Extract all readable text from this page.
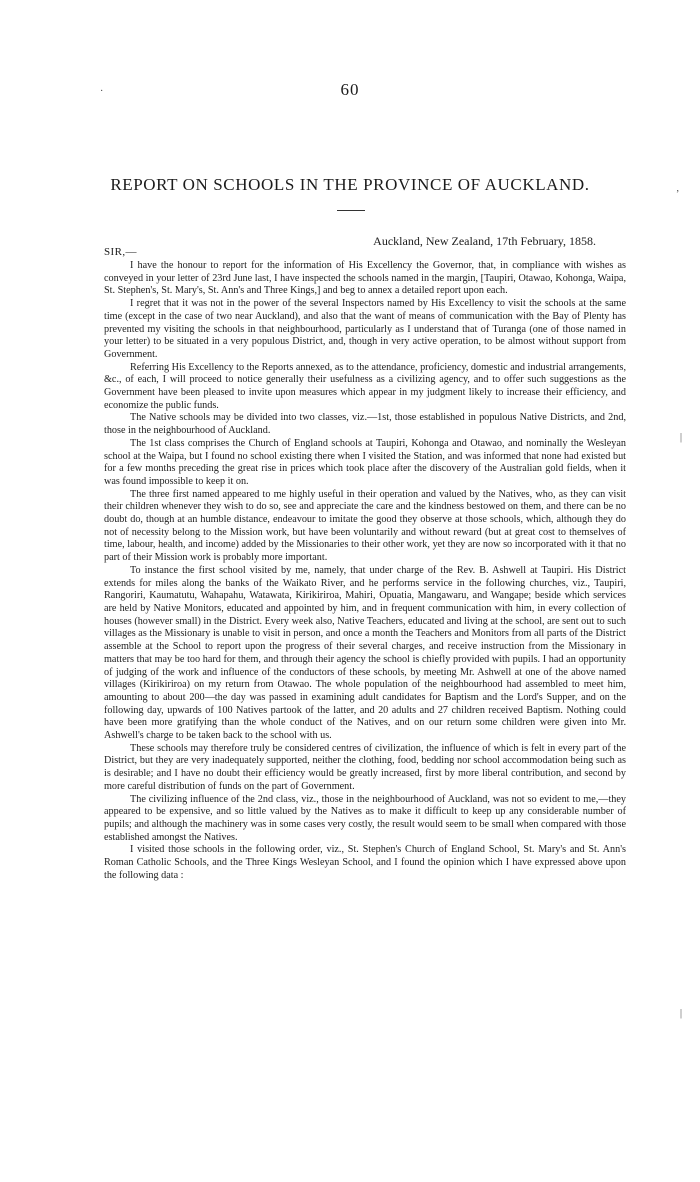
60
REPORT ON SCHOOLS IN THE PROVINCE OF AUCKLAND.
Auckland, New Zealand, 17th February, 1858.
SIR,—

I have the honour to report for the information of His Excellency the Governor, that, in compliance with wishes as conveyed in your letter of 23rd June last, I have inspected the schools named in the margin, [Taupiri, Otawao, Kohonga, Waipa, St. Stephen's, St. Mary's, St. Ann's and Three Kings,] and beg to annex a detailed report upon each.

I regret that it was not in the power of the several Inspectors named by His Excellency to visit the schools at the same time (except in the case of two near Auckland), and also that the want of means of communication with the Bay of Plenty has prevented my visiting the schools in that neighbourhood, particularly as I understand that of Turanga (one of those named in your letter) to be situated in a very populous District, and, though in very active operation, to be almost without support from Government.

Referring His Excellency to the Reports annexed, as to the attendance, proficiency, domestic and industrial arrangements, &c., of each, I will proceed to notice generally their usefulness as a civilizing agency, and to offer such suggestions as the Government have been pleased to invite upon measures which appear in my judgment likely to increase their efficiency, and economize the public funds.

The Native schools may be divided into two classes, viz.—1st, those established in populous Native Districts, and 2nd, those in the neighbourhood of Auckland.

The 1st class comprises the Church of England schools at Taupiri, Kohonga and Otawao, and nominally the Wesleyan school at the Waipa, but I found no school existing there when I visited the Station, and was informed that none had existed but for a few months preceding the great rise in prices which took place after the discovery of the Australian gold fields, when it was found impossible to keep it on.

The three first named appeared to me highly useful in their operation and valued by the Natives, who, as they can visit their children whenever they wish to do so, see and appreciate the care and the kindness bestowed on them, and there can be no doubt do, though at an humble distance, endeavour to imitate the good they observe at those schools, which, although they do not of necessity belong to the Mission work, but have been voluntarily and without reward (but at great cost to themselves of time, labour, health, and income) added by the Missionaries to their other work, yet they are now so incorporated with it that no part of their Mission work is probably more important.

To instance the first school visited by me, namely, that under charge of the Rev. B. Ashwell at Taupiri. His District extends for miles along the banks of the Waikato River, and he performs service in the following churches, viz., Taupiri, Rangoriri, Kaumatutu, Wahapahu, Watawata, Kirikiriroa, Mahiri, Opuatia, Mangawaru, and Wangape; beside which services are held by Native Monitors, educated and appointed by him, and in frequent communication with him, in every collection of houses (however small) in the District. Every week also, Native Teachers, educated and living at the school, are sent out to such villages as the Missionary is unable to visit in person, and once a month the Teachers and Monitors from all parts of the District assemble at the School to report upon the progress of their several charges, and receive instruction from the Missionary in matters that may be too hard for them, and through their agency the school is chiefly provided with pupils. I had an opportunity of judging of the work and influence of the conductors of these schools, by meeting Mr. Ashwell at one of the above named villages (Kirikiriroa) on my return from Otawao. The whole population of the neighbourhood had assembled to meet him, amounting to about 200—the day was passed in examining adult candidates for Baptism and the Lord's Supper, and on the following day, upwards of 100 Natives partook of the latter, and 20 adults and 27 children received Baptism. Nothing could have been more gratifying than the whole conduct of the Natives, and on our return some children were given into Mr. Ashwell's charge to be taken back to the school with us.

These schools may therefore truly be considered centres of civilization, the influence of which is felt in every part of the District, but they are very inadequately supported, neither the clothing, food, bedding nor school accommodation being such as is desirable; and I have no doubt their efficiency would be greatly increased, first by more liberal contribution, and second by more careful distribution of funds on the part of Government.

The civilizing influence of the 2nd class, viz., those in the neighbourhood of Auckland, was not so evident to me,—they appeared to be expensive, and so little valued by the Natives as to make it difficult to keep up any considerable number of pupils; and although the machinery was in some cases very costly, the result would seem to be small when compared with those established amongst the Natives.

I visited those schools in the following order, viz., St. Stephen's Church of England School, St. Mary's and St. Ann's Roman Catholic Schools, and the Three Kings Wesleyan School, and I found the opinion which I have expressed above upon the following data :

·
‚
|
|
